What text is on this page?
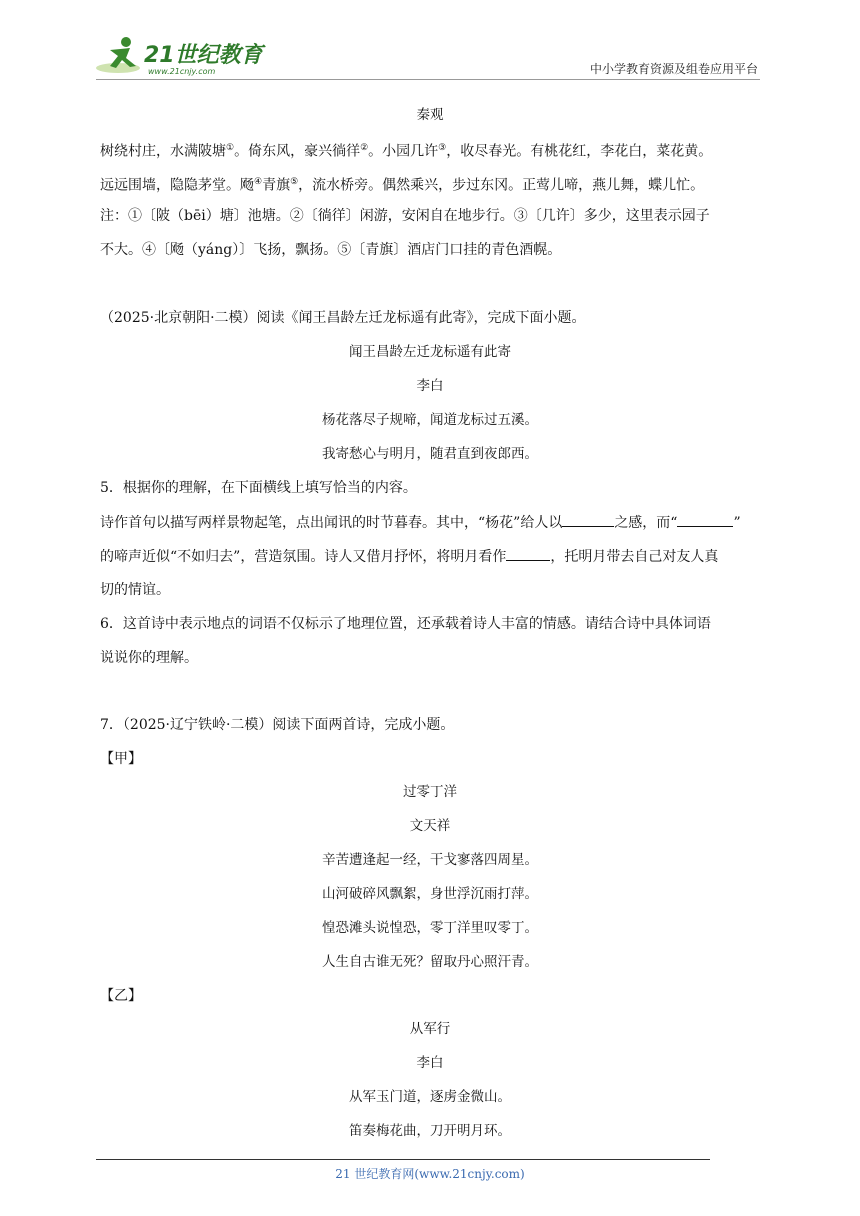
21世纪教育
www.21cnjy.com	中小学教育资源及组卷应用平台
秦观
树绕村庄，水满陂塘①。倚东风，豪兴徜徉②。小园几许③，收尽春光。有桃花红，李花白，菜花黄。
远远围墙，隐隐茅堂。飏④青旗⑤，流水桥旁。偶然乘兴，步过东冈。正莺儿啼，燕儿舞，蝶儿忙。
注：①〔陂（bēi）塘〕池塘。②〔徜徉〕闲游，安闲自在地步行。③〔几许〕多少，这里表示园子
不大。④〔飏（yáng）〕飞扬，飘扬。⑤〔青旗〕酒店门口挂的青色酒幌。
（2025·北京朝阳·二模）阅读《闻王昌龄左迁龙标遥有此寄》，完成下面小题。
闻王昌龄左迁龙标遥有此寄
李白
杨花落尽子规啼，闻道龙标过五溪。
我寄愁心与明月，随君直到夜郎西。
5．根据你的理解，在下面横线上填写恰当的内容。
诗作首句以描写两样景物起笔，点出闻讯的时节暮春。其中，“杨花”给人以	之感，而“	”
的啼声近似“不如归去”，营造氛围。诗人又借月抒怀，将明月看作	，托明月带去自己对友人真
切的情谊。
6．这首诗中表示地点的词语不仅标示了地理位置，还承载着诗人丰富的情感。请结合诗中具体词语
说说你的理解。
7．（2025·辽宁铁岭·二模）阅读下面两首诗，完成小题。
【甲】
过零丁洋
文天祥
辛苦遭逢起一经，干戈寥落四周星。
山河破碎风飘絮，身世浮沉雨打萍。
惶恐滩头说惶恐，零丁洋里叹零丁。
人生自古谁无死？留取丹心照汗青。
【乙】
从军行
李白
从军玉门道，逐虏金微山。
笛奏梅花曲，刀开明月环。
21 世纪教育网(www.21cnjy.com)
